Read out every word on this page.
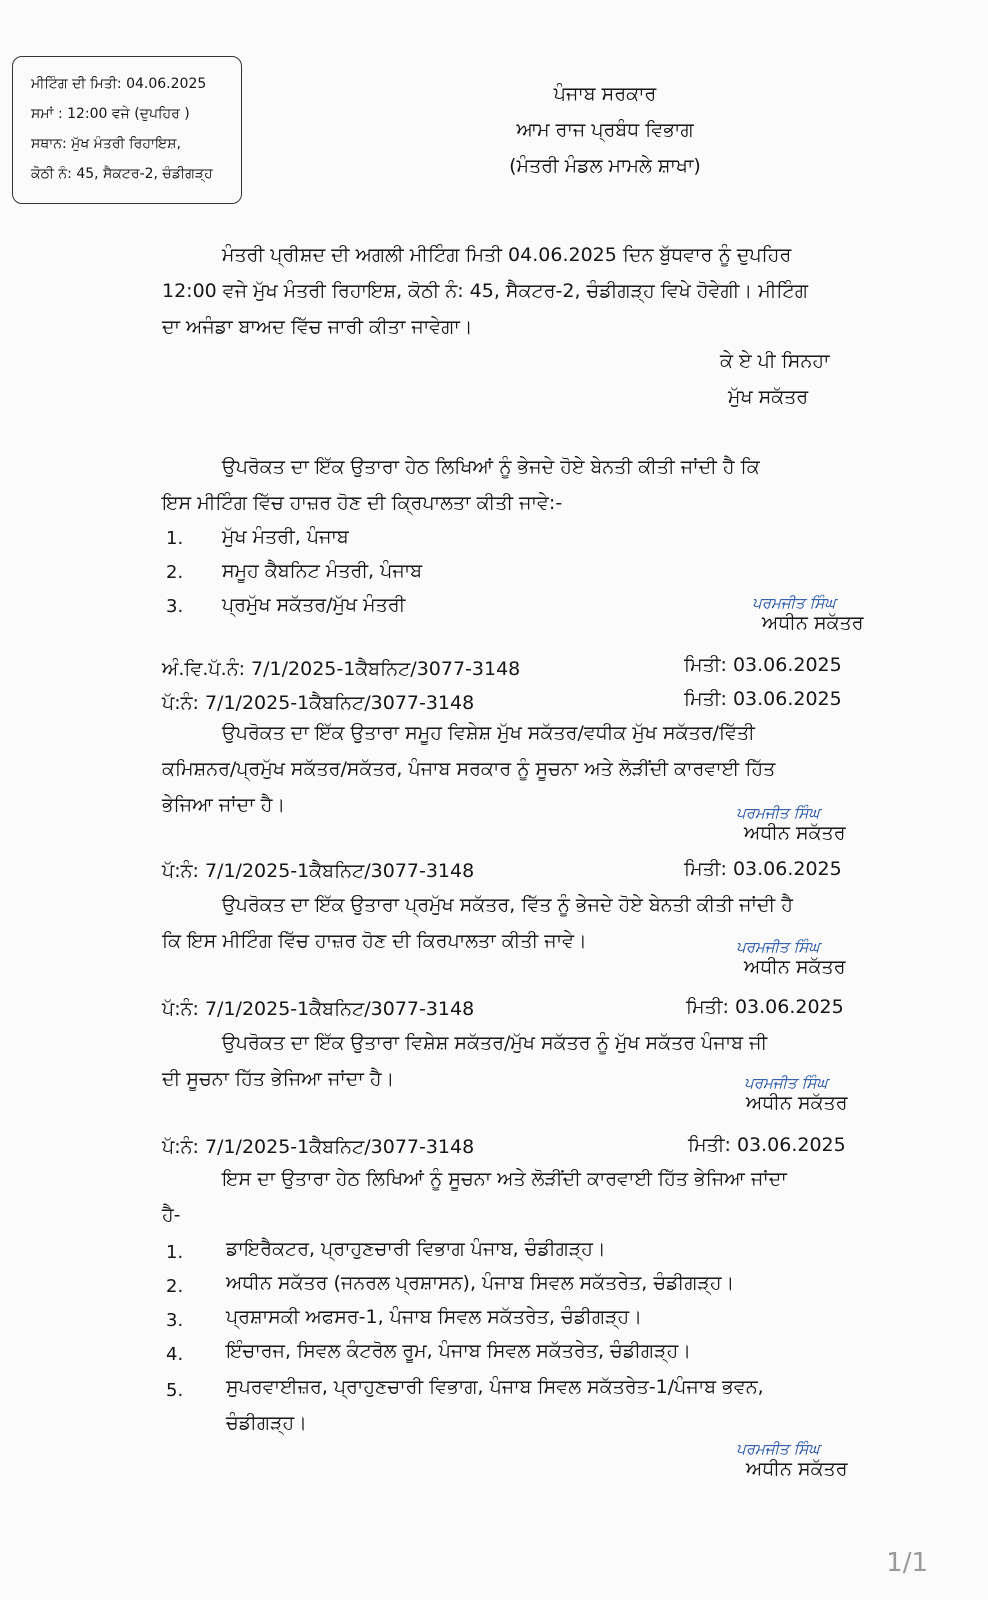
ਮੀਟਿੰਗ ਦੀ ਮਿਤੀ: 04.06.2025
ਸਮਾਂ : 12:00 ਵਜੇ (ਦੁਪਹਿਰ )
ਸਥਾਨ: ਮੁੱਖ ਮੰਤਰੀ ਰਿਹਾਇਸ਼,
ਕੋਠੀ ਨੰ: 45, ਸੈਕਟਰ-2, ਚੰਡੀਗੜ੍ਹ
ਪੰਜਾਬ ਸਰਕਾਰ
ਆਮ ਰਾਜ ਪ੍ਰਬੰਧ ਵਿਭਾਗ
(ਮੰਤਰੀ ਮੰਡਲ ਮਾਮਲੇ ਸ਼ਾਖਾ)
ਮੰਤਰੀ ਪ੍ਰੀਸ਼ਦ ਦੀ ਅਗਲੀ ਮੀਟਿੰਗ ਮਿਤੀ 04.06.2025 ਦਿਨ ਬੁੱਧਵਾਰ ਨੂੰ ਦੁਪਹਿਰ
12:00 ਵਜੇ ਮੁੱਖ ਮੰਤਰੀ ਰਿਹਾਇਸ਼, ਕੋਠੀ ਨੰ: 45, ਸੈਕਟਰ-2, ਚੰਡੀਗੜ੍ਹ ਵਿਖੇ ਹੋਵੇਗੀ। ਮੀਟਿੰਗ
ਦਾ ਅਜੰਡਾ ਬਾਅਦ ਵਿੱਚ ਜਾਰੀ ਕੀਤਾ ਜਾਵੇਗਾ।
ਕੇ ਏ ਪੀ ਸਿਨਹਾ
ਮੁੱਖ ਸਕੱਤਰ
ਉਪਰੋਕਤ ਦਾ ਇੱਕ ਉਤਾਰਾ ਹੇਠ ਲਿਖਿਆਂ ਨੂੰ ਭੇਜਦੇ ਹੋਏ ਬੇਨਤੀ ਕੀਤੀ ਜਾਂਦੀ ਹੈ ਕਿ
ਇਸ ਮੀਟਿੰਗ ਵਿੱਚ ਹਾਜ਼ਰ ਹੋਣ ਦੀ ਕ੍ਰਿਪਾਲਤਾ ਕੀਤੀ ਜਾਵੇ:-
1. ਮੁੱਖ ਮੰਤਰੀ, ਪੰਜਾਬ
2. ਸਮੂਹ ਕੈਬਨਿਟ ਮੰਤਰੀ, ਪੰਜਾਬ
3. ਪ੍ਰਮੁੱਖ ਸਕੱਤਰ/ਮੁੱਖ ਮੰਤਰੀ	ਪਰਮਜੀਤ ਸਿੰਘ
ਅਧੀਨ ਸਕੱਤਰ
ਅੰ.ਵਿ.ਪੱ.ਨੰ: 7/1/2025-1ਕੈਬਨਿਟ/3077-3148	ਮਿਤੀ: 03.06.2025
ਪੱ:ਨੰ: 7/1/2025-1ਕੈਬਨਿਟ/3077-3148	ਮਿਤੀ: 03.06.2025
ਉਪਰੋਕਤ ਦਾ ਇੱਕ ਉਤਾਰਾ ਸਮੂਹ ਵਿਸ਼ੇਸ਼ ਮੁੱਖ ਸਕੱਤਰ/ਵਧੀਕ ਮੁੱਖ ਸਕੱਤਰ/ਵਿੱਤੀ
ਕਮਿਸ਼ਨਰ/ਪ੍ਰਮੁੱਖ ਸਕੱਤਰ/ਸਕੱਤਰ, ਪੰਜਾਬ ਸਰਕਾਰ ਨੂੰ ਸੂਚਨਾ ਅਤੇ ਲੋੜੀਂਦੀ ਕਾਰਵਾਈ ਹਿੱਤ
ਭੇਜਿਆ ਜਾਂਦਾ ਹੈ।	ਪਰਮਜੀਤ ਸਿੰਘ
ਅਧੀਨ ਸਕੱਤਰ
ਪੱ:ਨੰ: 7/1/2025-1ਕੈਬਨਿਟ/3077-3148	ਮਿਤੀ: 03.06.2025
ਉਪਰੋਕਤ ਦਾ ਇੱਕ ਉਤਾਰਾ ਪ੍ਰਮੁੱਖ ਸਕੱਤਰ, ਵਿੱਤ ਨੂੰ ਭੇਜਦੇ ਹੋਏ ਬੇਨਤੀ ਕੀਤੀ ਜਾਂਦੀ ਹੈ
ਕਿ ਇਸ ਮੀਟਿੰਗ ਵਿੱਚ ਹਾਜ਼ਰ ਹੋਣ ਦੀ ਕਿਰਪਾਲਤਾ ਕੀਤੀ ਜਾਵੇ।	ਪਰਮਜੀਤ ਸਿੰਘ
ਅਧੀਨ ਸਕੱਤਰ
ਪੱ:ਨੰ: 7/1/2025-1ਕੈਬਨਿਟ/3077-3148	ਮਿਤੀ: 03.06.2025
ਉਪਰੋਕਤ ਦਾ ਇੱਕ ਉਤਾਰਾ ਵਿਸ਼ੇਸ਼ ਸਕੱਤਰ/ਮੁੱਖ ਸਕੱਤਰ ਨੂੰ ਮੁੱਖ ਸਕੱਤਰ ਪੰਜਾਬ ਜੀ
ਦੀ ਸੂਚਨਾ ਹਿੱਤ ਭੇਜਿਆ ਜਾਂਦਾ ਹੈ।	ਪਰਮਜੀਤ ਸਿੰਘ
ਅਧੀਨ ਸਕੱਤਰ
ਪੱ:ਨੰ: 7/1/2025-1ਕੈਬਨਿਟ/3077-3148	ਮਿਤੀ: 03.06.2025
ਇਸ ਦਾ ਉਤਾਰਾ ਹੇਠ ਲਿਖਿਆਂ ਨੂੰ ਸੂਚਨਾ ਅਤੇ ਲੋੜੀਂਦੀ ਕਾਰਵਾਈ ਹਿੱਤ ਭੇਜਿਆ ਜਾਂਦਾ
ਹੈ-
1. ਡਾਇਰੈਕਟਰ, ਪ੍ਰਾਹੁਣਚਾਰੀ ਵਿਭਾਗ ਪੰਜਾਬ, ਚੰਡੀਗੜ੍ਹ।
2. ਅਧੀਨ ਸਕੱਤਰ (ਜਨਰਲ ਪ੍ਰਸ਼ਾਸਨ), ਪੰਜਾਬ ਸਿਵਲ ਸਕੱਤਰੇਤ, ਚੰਡੀਗੜ੍ਹ।
3. ਪ੍ਰਸ਼ਾਸਕੀ ਅਫਸਰ-1, ਪੰਜਾਬ ਸਿਵਲ ਸਕੱਤਰੇਤ, ਚੰਡੀਗੜ੍ਹ।
4. ਇੰਚਾਰਜ, ਸਿਵਲ ਕੰਟਰੋਲ ਰੂਮ, ਪੰਜਾਬ ਸਿਵਲ ਸਕੱਤਰੇਤ, ਚੰਡੀਗੜ੍ਹ।
5. ਸੁਪਰਵਾਈਜ਼ਰ, ਪ੍ਰਾਹੁਣਚਾਰੀ ਵਿਭਾਗ, ਪੰਜਾਬ ਸਿਵਲ ਸਕੱਤਰੇਤ-1/ਪੰਜਾਬ ਭਵਨ,
ਚੰਡੀਗੜ੍ਹ।
ਪਰਮਜੀਤ ਸਿੰਘ
ਅਧੀਨ ਸਕੱਤਰ
1/1
